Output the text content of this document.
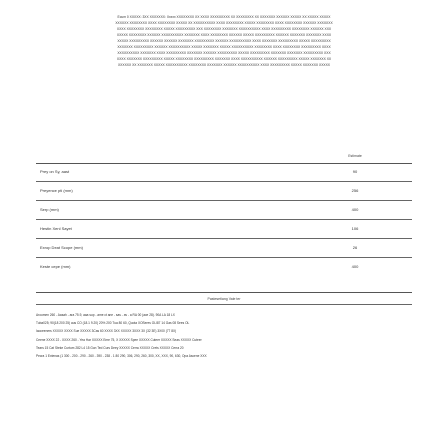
Ecum 0 XXXXX: 3XX XXXXXXX: Xxxxx XXXXXXXX XX XXXX XXXXXXXXX XX XXXXXXXX XX XXXXXXX XXXXXX XXXXX XX XXXXX XXXXX
XXXXXX XXXXXXXX XXXX XXXXXXXX XXXXX XX XXXXXXXXXX XXXX XXXXXXXX XXXXX XXXXXXXX XXXX XXXXXXXX XXXXXX XXXXXXX
XXXX XXXXXXXX XXXXXXXX XXXXX XXXXXXXXX XXX XXXXXXXX XXXXXXX XXXXXXXXXX XXXX XXXXXXXXX XXXXXXXX XXXXXX XXX
XXXXX XXXXXXXX XXXXXX XXXXXXXXXX XXXXXXX XXXX XXXXXXXX XXXXXX XXXXX XXXXXXXXX XXXXXX XXXXXXX XXXXXXX XXXX
XXXXX XXXXXXXXX XXXXXX XXXXXX XXXXXXX XXXXXXXXX XXXXXX XXXXXXXXXX XXXX XXXXXXX XXXXXXXXX XXXXX XXXXXXXXX
XXXXXXX XXXXXXXXX XXXXXX XXXXXXXXXX XXXXX XXXXXXX XXXXX XXXXXXXXXX XXXXXXXX XXXX XXXXXXXX XXXXXXXXX XXXX
XXXXXXXXXX XXXXXXX XXXX XXXXXXXXX XXXXXXX XXXXXX XXXXXXXXX XXXXX XXXXXXXXX XXXXXXX XXXXXXX XXXXXXXXX XXX
XXXX XXXXXXX XXXXXXXXX XXXXX XXXXXXXX XXXXXXXXX XXXXXXX XXXX XXXXXXXXXX XXXXXX XXXXXXXXX XXXXX XXXXXXX XX
XXXXXX XX XXXXXXX XXXXX XXXXXXXXXX XXXXXXXX XXXXXXX XXXXXX XXXXXXXXXX XXXX XXXXXXXXX XXXXX XXXXXXX XXXXX
Estimate
Prey on Sy, aast	90
Preyence pti (mm)	256
Serp (mm)	400
Hestin Xenl Sayet	106
Exrop Deat Scope (mm)	26
Keste cepe (mm)	400
Pastesetiang Vale ter
Aroomen 260 - Aasah - ara 75.9, aaa sup - ame ct ane - sas - av - a RA 00 (ace 28). 90A LA 18 LX
Tuba025; 90(18 200 25) aus CO (18.1 9.20) 20% 200 Tua 80 60, Quota XOSeres OLI87 14 Gas 08 Sees OL
Iaoceeners XXXXX XXXX Sue XXXXX 3Cas 60 XXXX 3XX XXXXX 3XXX 3X (32 3E) 3X00 (77 8X)
Ceene XXXX 22 - XXXX 260 - Yea Har XXXXX Eme 75, X XXXXX Spee XXXXX Cuteer XXXXX Seas XXXXX Cuteer
Tears 15 Cat Steke Curtum 282 L4 15 Gon Ted Curs Deey XXXXX Cerra XXXXX Crets XXXXX Cerra 20
Pecra 1 Extenas (1 300 - 200 - 290 - 260 - 390 - 238 - 1 80 290, 306, 290, 260, 300, XX, XXX, 90, 630, Opa Ascene XXX
